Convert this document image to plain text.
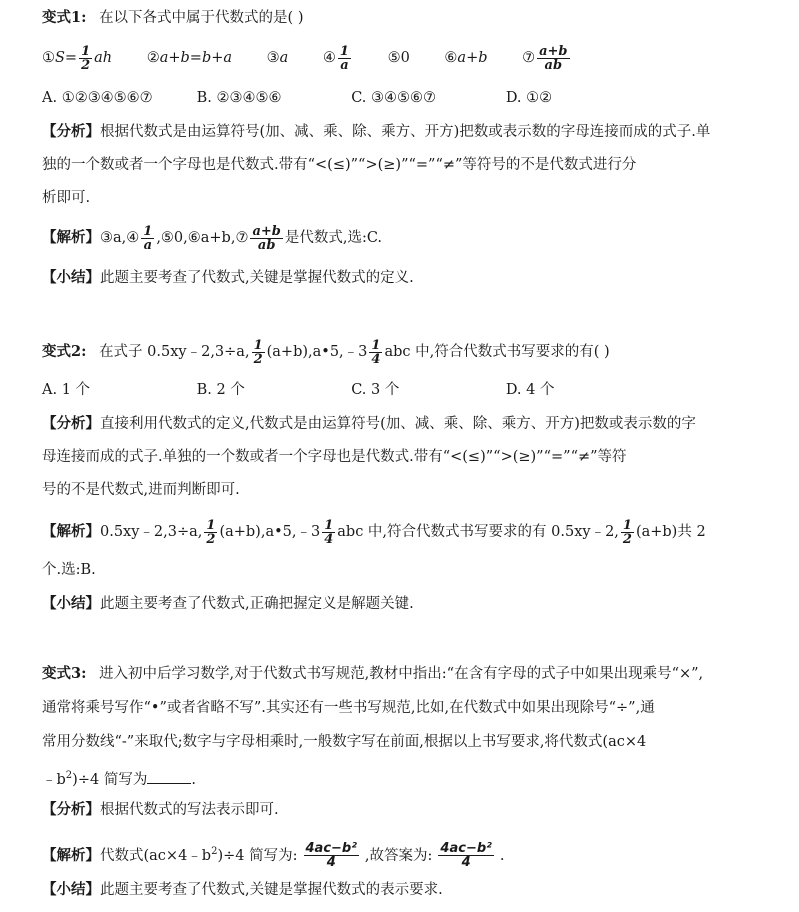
变式1: 在以下各式中属于代数式的是( )
①S= $\frac{1}{2}$ ah ②a+b=b+a ③a ④ $\frac{1}{a}$	⑤0 ⑥a+b ⑦ $\frac{a+b}{ab}$
A. ①②③④⑤⑥⑦	B. ②③④⑤⑥	C. ③④⑤⑥⑦	D. ①②
【分析】根据代数式是由运算符号(加、减、乘、除、乘方、开方)把数或表示数的字母连接而成的式子.单
独的一个数或者一个字母也是代数式.带有“<(≤)”“>(≥)”“=”“≠”等符号的不是代数式进行分
析即可.
【解析】③a,④ $\frac{1}{a}$ ,⑤0,⑥a+b,⑦ $\frac{a+b}{ab}$ 是代数式,选:C.
【小结】此题主要考查了代数式,关键是掌握代数式的定义.
变式2: 在式子 0.5xy﹣2,3÷a, $\frac{1}{2}$ (a+b),a•5,﹣3 $\frac{1}{4}$ abc 中,符合代数式书写要求的有( )
A. 1 个	B. 2 个	C. 3 个	D. 4 个
【分析】直接利用代数式的定义,代数式是由运算符号(加、减、乘、除、乘方、开方)把数或表示数的字
母连接而成的式子.单独的一个数或者一个字母也是代数式.带有“<(≤)”“>(≥)”“=”“≠”等符
号的不是代数式,进而判断即可.
【解析】0.5xy﹣2,3÷a, $\frac{1}{2}$ (a+b),a•5,﹣3 $\frac{1}{4}$ abc 中,符合代数式书写要求的有 0.5xy﹣2, $\frac{1}{2} (a+b)$共 2
个.选:B.
【小结】此题主要考查了代数式,正确把握定义是解题关键.
变式3: 进入初中后学习数学,对于代数式书写规范,教材中指出:“在含有字母的式子中如果出现乘号“×”,
通常将乘号写作“•”或者省略不写”.其实还有一些书写规范,比如,在代数式中如果出现除号“÷”,通
常用分数线“-”来取代;数字与字母相乘时,一般数字写在前面,根据以上书写要求,将代数式(ac×4
$﹣b^2)\div 4$ 简写为	.
【分析】根据代数式的写法表示即可.
【解析】代数式$(ac\times 4﹣b^2)\div 4$ 简写为: $\frac{\text{4ac−b²}}{4}$ ,故答案为: $\frac{\text{4ac−b²}}{4}$ .
【小结】此题主要考查了代数式,关键是掌握代数式的表示要求.
